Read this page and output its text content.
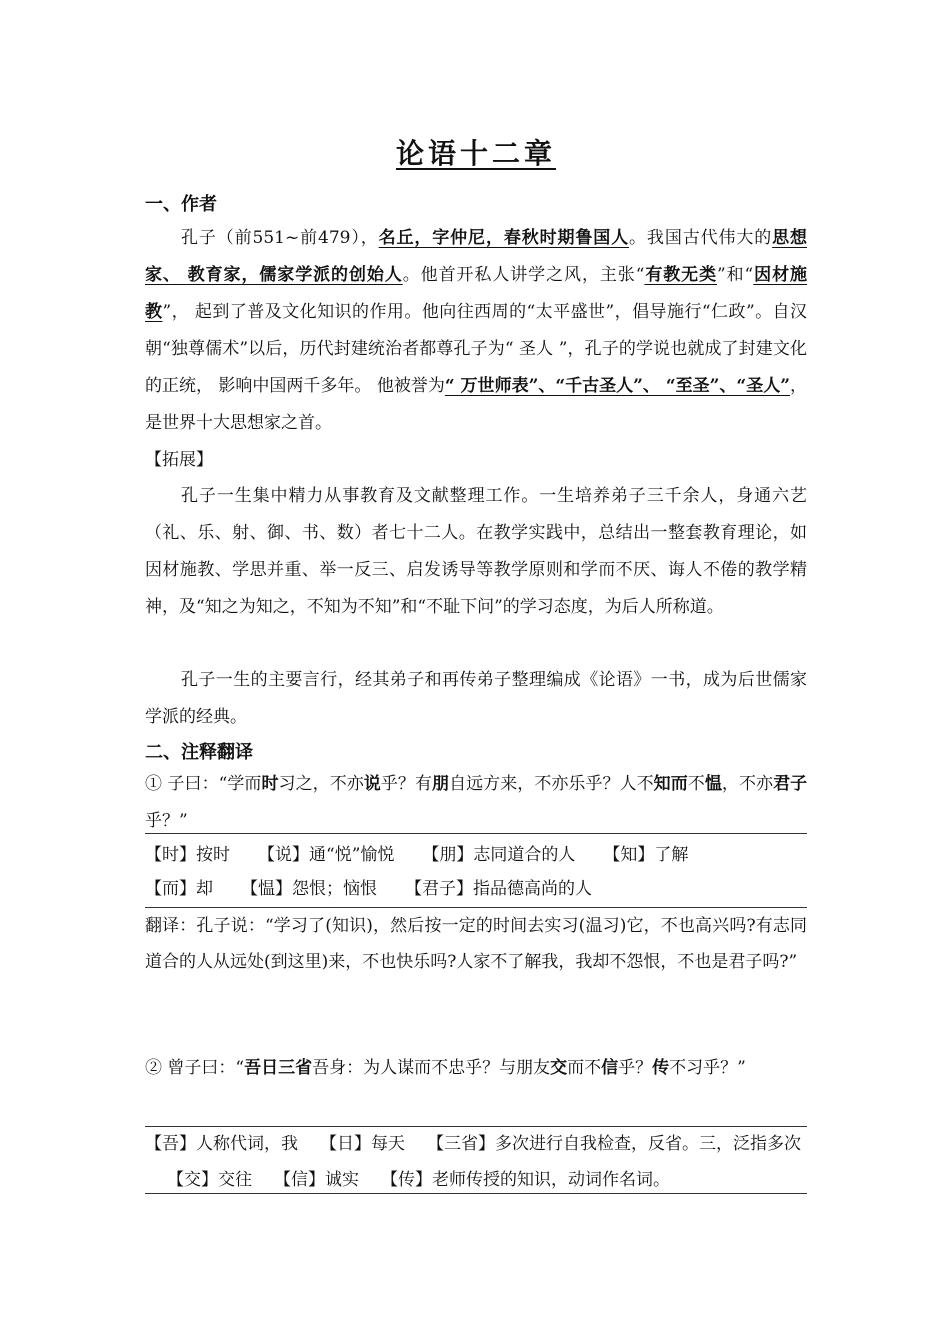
论语十二章
一、作者
孔子（前551~前479），名丘，字仲尼，春秋时期鲁国人。我国古代伟大的思想家、 教育家，儒家学派的创始人。他首开私人讲学之风，主张“有教无类”和“因材施教”， 起到了普及文化知识的作用。他向往西周的“太平盛世”，倡导施行“仁政”。自汉朝“独尊儒术”以后，历代封建统治者都尊孔子为“ 圣人 ”，孔子的学说也就成了封建文化的正统， 影响中国两千多年。 他被誉为“ 万世师表”、“千古圣人”、 “至圣”、“圣人”，是世界十大思想家之首。
【拓展】
孔子一生集中精力从事教育及文献整理工作。一生培养弟子三千余人，身通六艺（礼、乐、射、御、书、数）者七十二人。在教学实践中，总结出一整套教育理论，如因材施教、学思并重、举一反三、启发诱导等教学原则和学而不厌、诲人不倦的教学精神，及“知之为知之，不知为不知”和“不耻下问”的学习态度，为后人所称道。
孔子一生的主要言行，经其弟子和再传弟子整理编成《论语》一书，成为后世儒家学派的经典。
二、注释翻译
① 子曰：“学而时习之，不亦说乎？有朋自远方来，不亦乐乎？人不知而不愠，不亦君子乎？”
【时】按时 【说】通“悦”愉悦 【朋】志同道合的人 【知】了解
【而】却 【愠】怨恨；恼恨 【君子】指品德高尚的人
翻译：孔子说：“学习了(知识)，然后按一定的时间去实习(温习)它，不也高兴吗?有志同道合的人从远处(到这里)来，不也快乐吗?人家不了解我，我却不怨恨，不也是君子吗?”
② 曾子曰：“吾日三省吾身：为人谋而不忠乎？与朋友交而不信乎？传不习乎？”
【吾】人称代词，我 【日】每天 【三省】多次进行自我检查，反省。三，泛指多次【交】交往 【信】诚实 【传】老师传授的知识，动词作名词。
